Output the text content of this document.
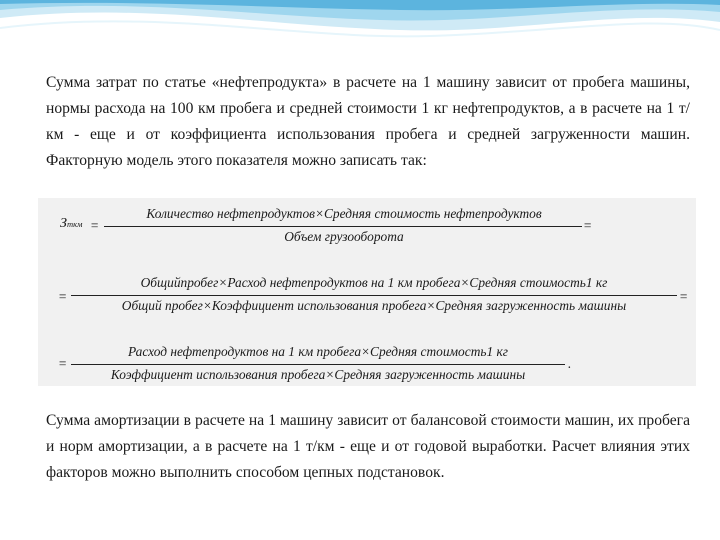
Сумма затрат по статье «нефтепродукта» в расчете на 1 машину зависит от пробега машины, нормы расхода на 100 км пробега и средней стоимости 1 кг нефтепродуктов, а в расчете на 1 т/км - еще и от коэффициента использования пробега и средней загруженности машин. Факторную модель этого показателя можно записать так:
Зткм =
Количество нефтепродуктов×Средняя стоимость нефтепродуктов
Объем грузооборота
=
=
Общийпробег×Расход нефтепродуктов на 1 км пробега×Средняя стоимость1 кг
Общий пробег×Коэффициент использования пробега×Средняя загруженность машины
=
=
Расход нефтепродуктов на 1 км пробега×Средняя стоимость1 кг
Коэффициент использования пробега×Средняя загруженность машины
.
Сумма амортизации в расчете на 1 машину зависит от балансовой стоимости машин, их пробега и норм амортизации, а в расчете на 1 т/км - еще и от годовой выработки. Расчет влияния этих факторов можно выполнить способом цепных подстановок.
